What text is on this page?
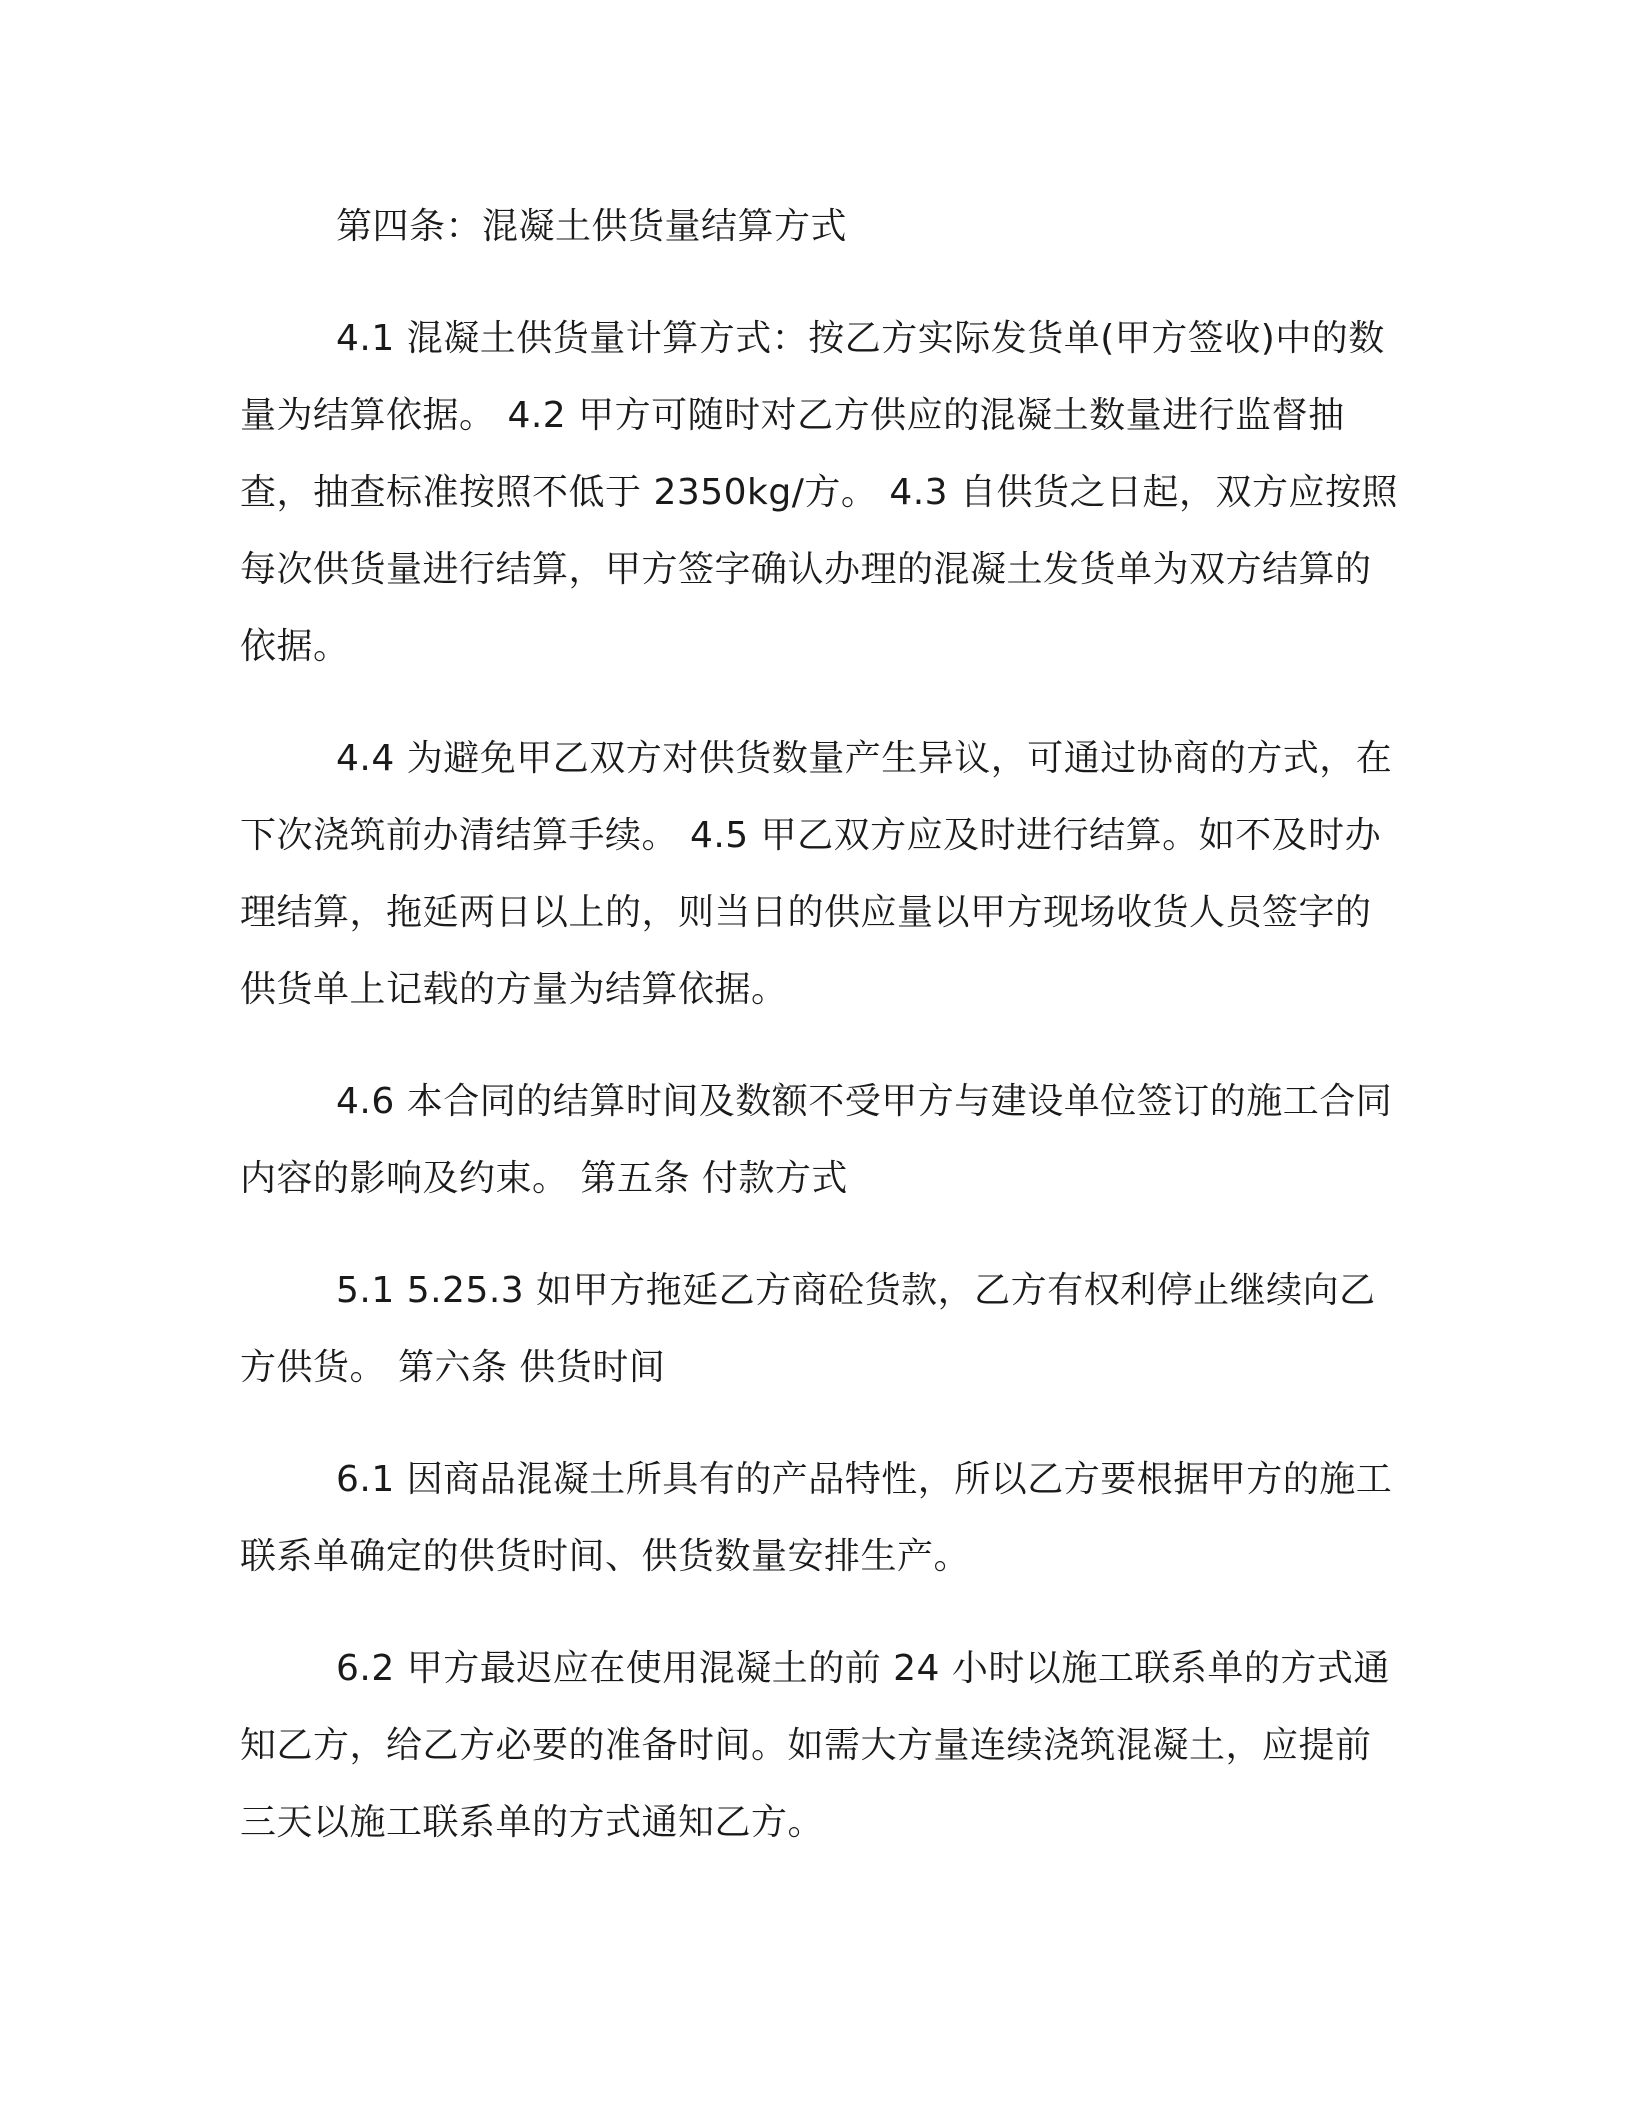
第四条：混凝土供货量结算方式

4.1 混凝土供货量计算方式：按乙方实际发货单(甲方签收)中的数量为结算依据。 4.2 甲方可随时对乙方供应的混凝土数量进行监督抽查，抽查标准按照不低于 2350kg/方。 4.3 自供货之日起，双方应按照每次供货量进行结算，甲方签字确认办理的混凝土发货单为双方结算的依据。

4.4 为避免甲乙双方对供货数量产生异议，可通过协商的方式，在下次浇筑前办清结算手续。 4.5 甲乙双方应及时进行结算。如不及时办理结算，拖延两日以上的，则当日的供应量以甲方现场收货人员签字的供货单上记载的方量为结算依据。

4.6 本合同的结算时间及数额不受甲方与建设单位签订的施工合同内容的影响及约束。 第五条 付款方式

5.1 5.25.3 如甲方拖延乙方商砼货款，乙方有权利停止继续向乙方供货。 第六条 供货时间

6.1 因商品混凝土所具有的产品特性，所以乙方要根据甲方的施工联系单确定的供货时间、供货数量安排生产。

6.2 甲方最迟应在使用混凝土的前 24 小时以施工联系单的方式通知乙方，给乙方必要的准备时间。如需大方量连续浇筑混凝土，应提前三天以施工联系单的方式通知乙方。
